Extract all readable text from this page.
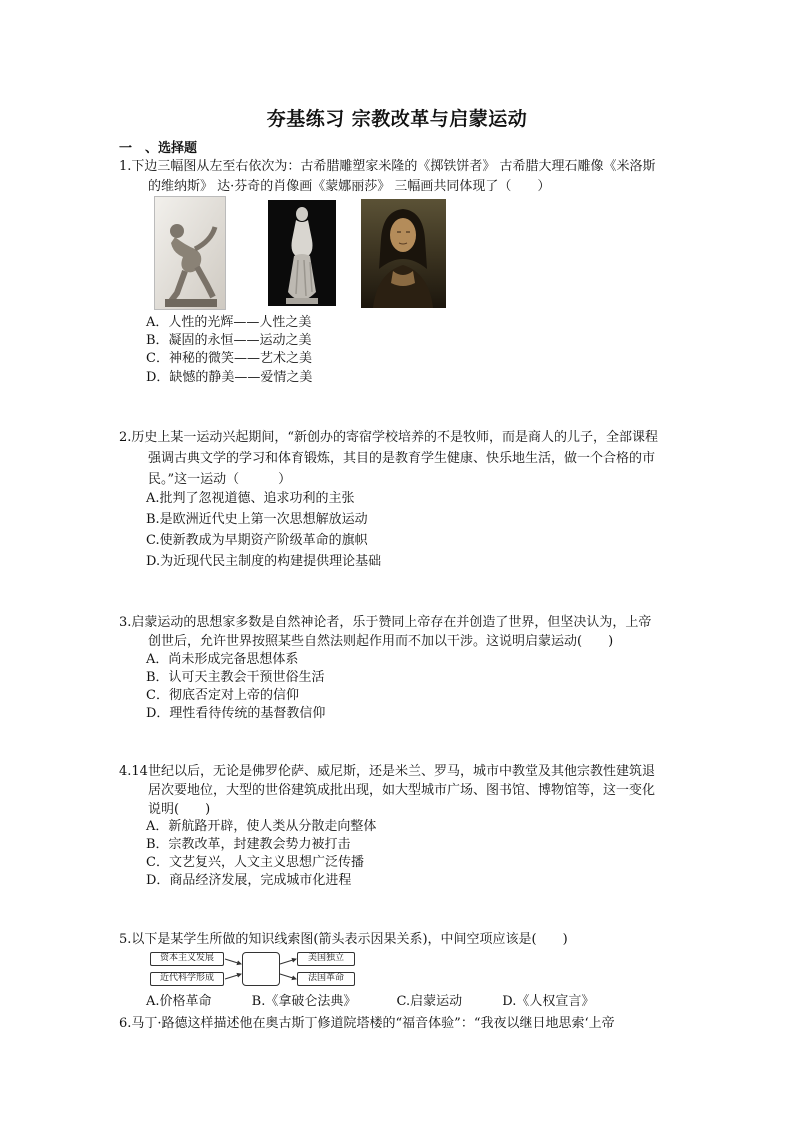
夯基练习 宗教改革与启蒙运动
一　、选择题
1.下边三幅图从左至右依次为：古希腊雕塑家米隆的《掷铁饼者》 古希腊大理石雕像《米洛斯
的维纳斯》 达·芬奇的肖像画《蒙娜丽莎》 三幅画共同体现了（　　）
A．人性的光辉——人性之美
B．凝固的永恒——运动之美
C．神秘的微笑——艺术之美
D．缺憾的静美——爱情之美
2.历史上某一运动兴起期间，“新创办的寄宿学校培养的不是牧师，而是商人的儿子，全部课程
强调古典文学的学习和体育锻炼，其目的是教育学生健康、快乐地生活，做一个合格的市
民。”这一运动（　　　）
A.批判了忽视道德、追求功利的主张
B.是欧洲近代史上第一次思想解放运动
C.使新教成为早期资产阶级革命的旗帜
D.为近现代民主制度的构建提供理论基础
3.启蒙运动的思想家多数是自然神论者，乐于赞同上帝存在并创造了世界，但坚决认为，上帝
创世后，允许世界按照某些自然法则起作用而不加以干涉。这说明启蒙运动(　　)
A．尚未形成完备思想体系
B．认可天主教会干预世俗生活
C．彻底否定对上帝的信仰
D．理性看待传统的基督教信仰
4.14世纪以后，无论是佛罗伦萨、威尼斯，还是米兰、罗马，城市中教堂及其他宗教性建筑退
居次要地位，大型的世俗建筑成批出现，如大型城市广场、图书馆、博物馆等，这一变化
说明(　　)
A．新航路开辟，使人类从分散走向整体
B．宗教改革，封建教会势力被打击
C．文艺复兴，人文主义思想广泛传播
D．商品经济发展，完成城市化进程
5.以下是某学生所做的知识线索图(箭头表示因果关系)，中间空项应该是(　　)
资本主义发展
近代科学形成
美国独立
法国革命
A.价格革命	B.《拿破仑法典》	C.启蒙运动	D.《人权宣言》
6.马丁·路德这样描述他在奥古斯丁修道院塔楼的“福音体验”：“我夜以继日地思索‘上帝
